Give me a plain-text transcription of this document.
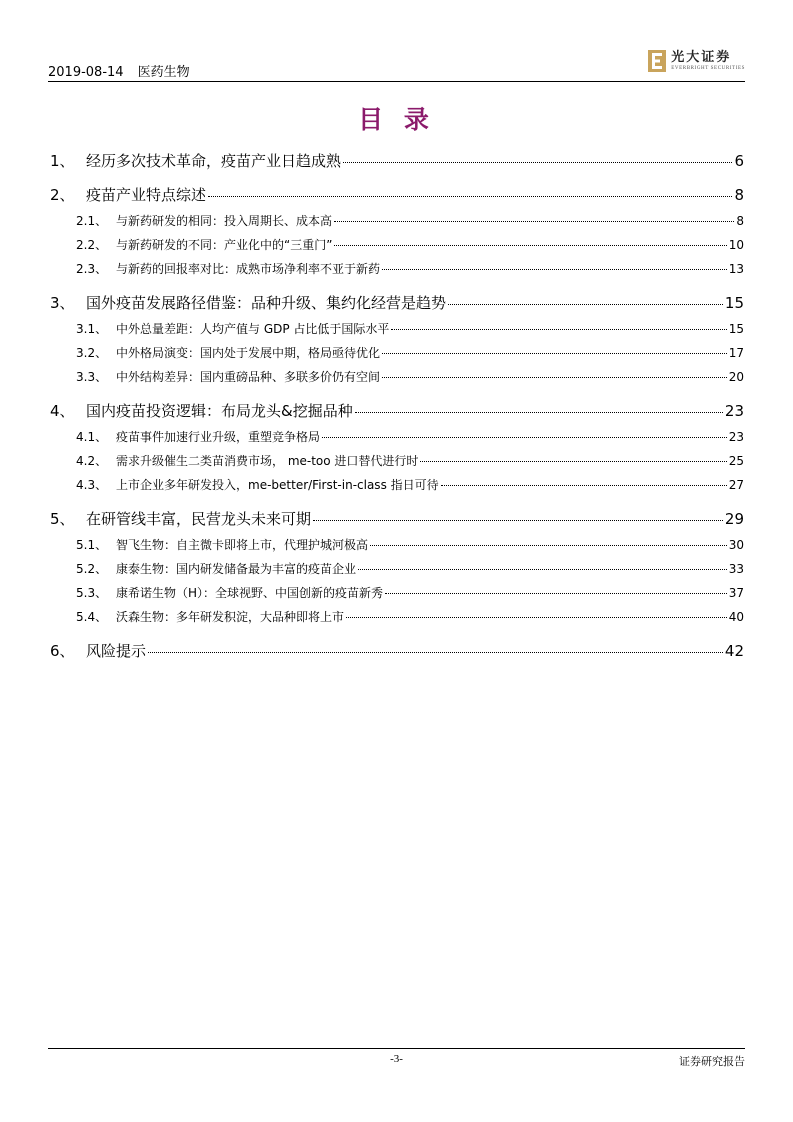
2019-08-14 医药生物
光大证券
EVERBRIGHT SECURITIES
目 录
1、 经历多次技术革命，疫苗产业日趋成熟	6
2、 疫苗产业特点综述	8
2.1、 与新药研发的相同：投入周期长、成本高	8
2.2、 与新药研发的不同：产业化中的“三重门”	10
2.3、 与新药的回报率对比：成熟市场净利率不亚于新药	13
3、 国外疫苗发展路径借鉴：品种升级、集约化经营是趋势	15
3.1、 中外总量差距：人均产值与 GDP 占比低于国际水平	15
3.2、 中外格局演变：国内处于发展中期，格局亟待优化	17
3.3、 中外结构差异：国内重磅品种、多联多价仍有空间	20
4、 国内疫苗投资逻辑：布局龙头&挖掘品种	23
4.1、 疫苗事件加速行业升级，重塑竞争格局	23
4.2、 需求升级催生二类苗消费市场， me-too 进口替代进行时	25
4.3、 上市企业多年研发投入，me-better/First-in-class 指日可待	27
5、 在研管线丰富，民营龙头未来可期	29
5.1、 智飞生物：自主微卡即将上市，代理护城河极高	30
5.2、 康泰生物：国内研发储备最为丰富的疫苗企业	33
5.3、 康希诺生物（H）：全球视野、中国创新的疫苗新秀	37
5.4、 沃森生物：多年研发积淀，大品种即将上市	40
6、 风险提示	42
-3-	证券研究报告
